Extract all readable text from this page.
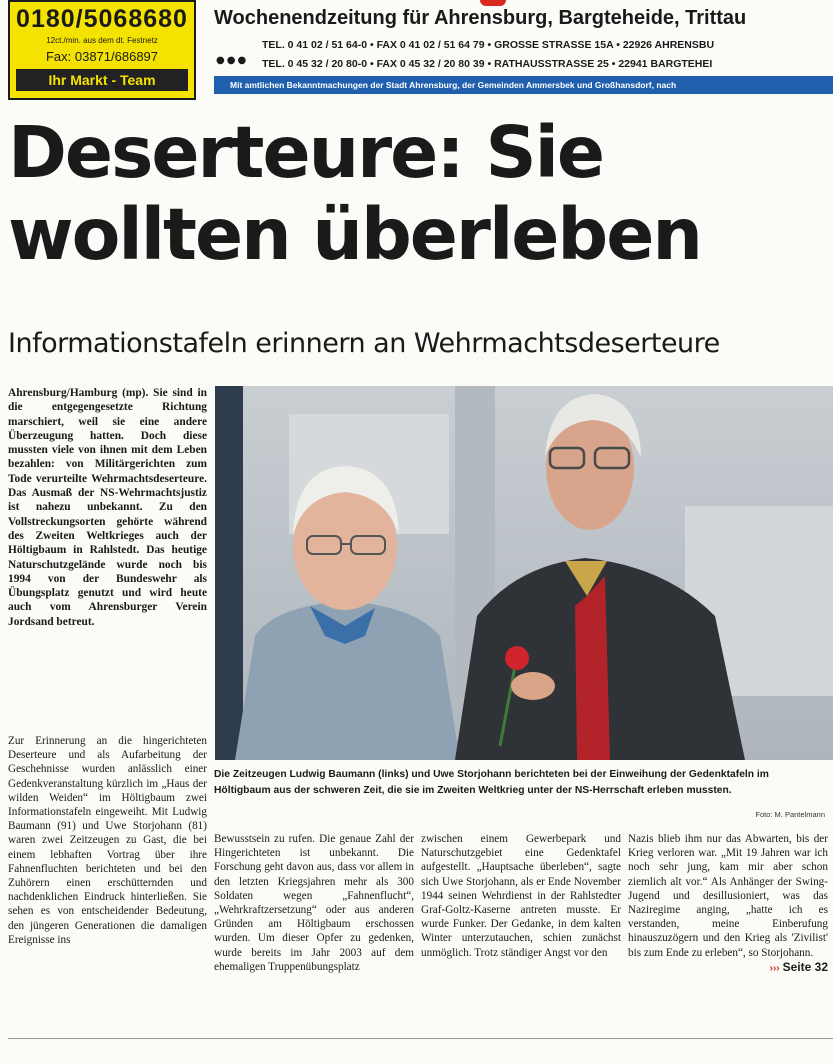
0180/5068680
12ct./min. aus dem dt. Festnetz
Fax: 03871/686897
Ihr Markt - Team
Wochenendzeitung für Ahrensburg, Bargteheide, Trittau
TEL. 0 41 02 / 51 64-0 • FAX 0 41 02 / 51 64 79 • GROSSE STRASSE 15A • 22926 AHRENSBU
●●● TEL. 0 45 32 / 20 80-0 • FAX 0 45 32 / 20 80 39 • RATHAUSSTRASSE 25 • 22941 BARGTEHEI
Mit amtlichen Bekanntmachungen der Stadt Ahrensburg, der Gemeinden Ammersbek und Großhansdorf, nach
Deserteure: Sie
wollten überleben
Informationstafeln erinnern an Wehrmachtsdeserteure

Ahrensburg/Hamburg (mp). Sie sind in die entgegengesetzte Richtung marschiert, weil sie eine andere Überzeugung hatten. Doch diese mussten viele von ihnen mit dem Leben bezahlen: von Militärgerichten zum Tode verurteilte Wehrmachtsdeserteure. Das Ausmaß der NS-Wehrmachtsjustiz ist nahezu unbekannt. Zu den Vollstreckungsorten gehörte während des Zweiten Weltkrieges auch der Höltigbaum in Rahlstedt. Das heutige Naturschutzgelände wurde noch bis 1994 von der Bundeswehr als Übungsplatz genutzt und wird heute auch vom Ahrensburger Verein Jordsand betreut.

Die Zeitzeugen Ludwig Baumann (links) und Uwe Storjohann berichteten bei der Einweihung der Gedenktafeln im Höltigbaum aus der schweren Zeit, die sie im Zweiten Weltkrieg unter der NS-Herrschaft erleben mussten.

Foto: M. Pantelmann

Zur Erinnerung an die hingerichteten Deserteure und als Aufarbeitung der Geschehnisse wurden anlässlich einer Gedenkveranstaltung kürzlich im „Haus der wilden Weiden“ im Höltigbaum zwei Informationstafeln eingeweiht. Mit Ludwig Baumann (91) und Uwe Storjohann (81) waren zwei Zeitzeugen zu Gast, die bei einem lebhaften Vortrag über ihre Fahnenfluchten berichteten und bei den Zuhörern einen erschütternden und nachdenklichen Eindruck hinterließen. Sie sehen es von entscheidender Bedeutung, den jüngeren Generationen die damaligen Ereignisse ins

Bewusstsein zu rufen. Die genaue Zahl der Hingerichteten ist unbekannt. Die Forschung geht davon aus, dass vor allem in den letzten Kriegsjahren mehr als 300 Soldaten wegen „Fahnenflucht“, „Wehrkraftzersetzung“ oder aus anderen Gründen am Höltigbaum erschossen wurden. Um dieser Opfer zu gedenken, wurde bereits im Jahr 2003 auf dem ehemaligen Truppenübungsplatz

zwischen einem Gewerbepark und Naturschutzgebiet eine Gedenktafel aufgestellt. „Hauptsache überleben“, sagte sich Uwe Storjohann, als er Ende November 1944 seinen Wehrdienst in der Rahlstedter Graf-Goltz-Kaserne antreten musste. Er wurde Funker. Der Gedanke, in dem kalten Winter unterzutauchen, schien zunächst unmöglich. Trotz ständiger Angst vor den

Nazis blieb ihm nur das Abwarten, bis der Krieg verloren war. „Mit 19 Jahren war ich noch sehr jung, kam mir aber schon ziemlich alt vor.“ Als Anhänger der Swing-Jugend und desillusioniert, was das Naziregime anging, „hatte ich es verstanden, meine Einberufung hinauszuzögern und den Krieg als 'Zivilist' bis zum Ende zu erleben“, so Storjohann.

››› Seite 32
